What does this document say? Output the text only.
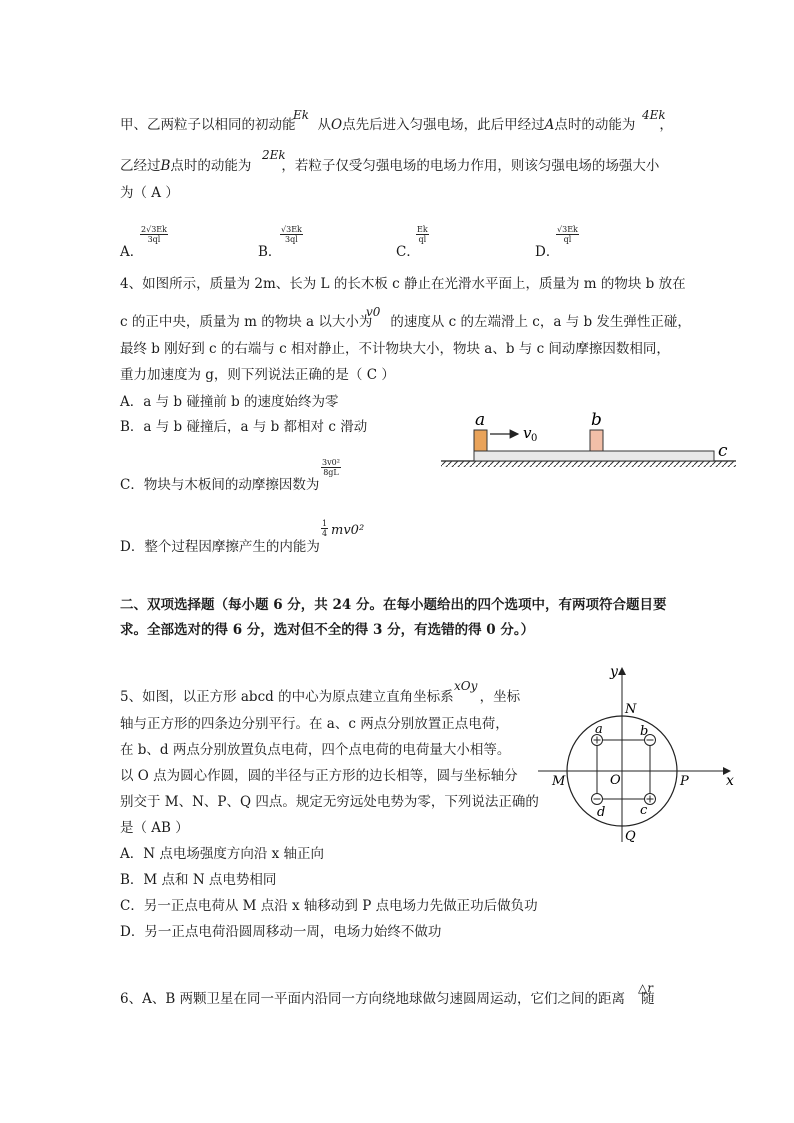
甲、乙两粒子以相同的初动能 从O点先后进入匀强电场，此后甲经过A点时的动能为 ，
Ek	4Ek
乙经过B点时的动能为 ，若粒子仅受匀强电场的电场力作用，则该匀强电场的场强大小
2Ek
为（ A ）
A．
$\frac{2√3Ek}{3ql}$
B．
$\frac{√3Ek}{3ql}$
C．
$\frac{Ek}{ql}$
D．
$\frac{√3Ek}{ql}$
4、如图所示，质量为 2m、长为 L 的长木板 c 静止在光滑水平面上，质量为 m 的物块 b 放在
c 的正中央，质量为 m 的物块 a 以大小为 的速度从 c 的左端滑上 c，a 与 b 发生弹性正碰，
v0
最终 b 刚好到 c 的右端与 c 相对静止，不计物块大小，物块 a、b 与 c 间动摩擦因数相同，
重力加速度为 g，则下列说法正确的是（ C ）
A．a 与 b 碰撞前 b 的速度始终为零
B．a 与 b 碰撞后，a 与 b 都相对 c 滑动
C．物块与木板间的动摩擦因数为
$\frac{\text{3v0²}}{8gL}$
D．整个过程因摩擦产生的内能为
$\frac{1}{4} mv0^2$
a	b
c
v 0
二、双项选择题（每小题 6 分，共 24 分。在每小题给出的四个选项中，有两项符合题目要
求。全部选对的得 6 分，选对但不全的得 3 分，有选错的得 0 分。）
5、如图，以正方形 abcd 的中心为原点建立直角坐标系 ，坐标
xOy
轴与正方形的四条边分别平行。在 a、c 两点分别放置正点电荷，
在 b、d 两点分别放置负点电荷，四个点电荷的电荷量大小相等。
以 O 点为圆心作圆，圆的半径与正方形的边长相等，圆与坐标轴分
别交于 M、N、P、Q 四点。规定无穷远处电势为零，下列说法正确的
是（ AB ）
A．N 点电场强度方向沿 x 轴正向
B．M 点和 N 点电势相同
C．另一正点电荷从 M 点沿 x 轴移动到 P 点电场力先做正功后做负功
D．另一正点电荷沿圆周移动一周，电场力始终不做功
y
x
N
M	O	P
Q
a	b
c
d
6、A、B 两颗卫星在同一平面内沿同一方向绕地球做匀速圆周运动，它们之间的距离 随
△r
